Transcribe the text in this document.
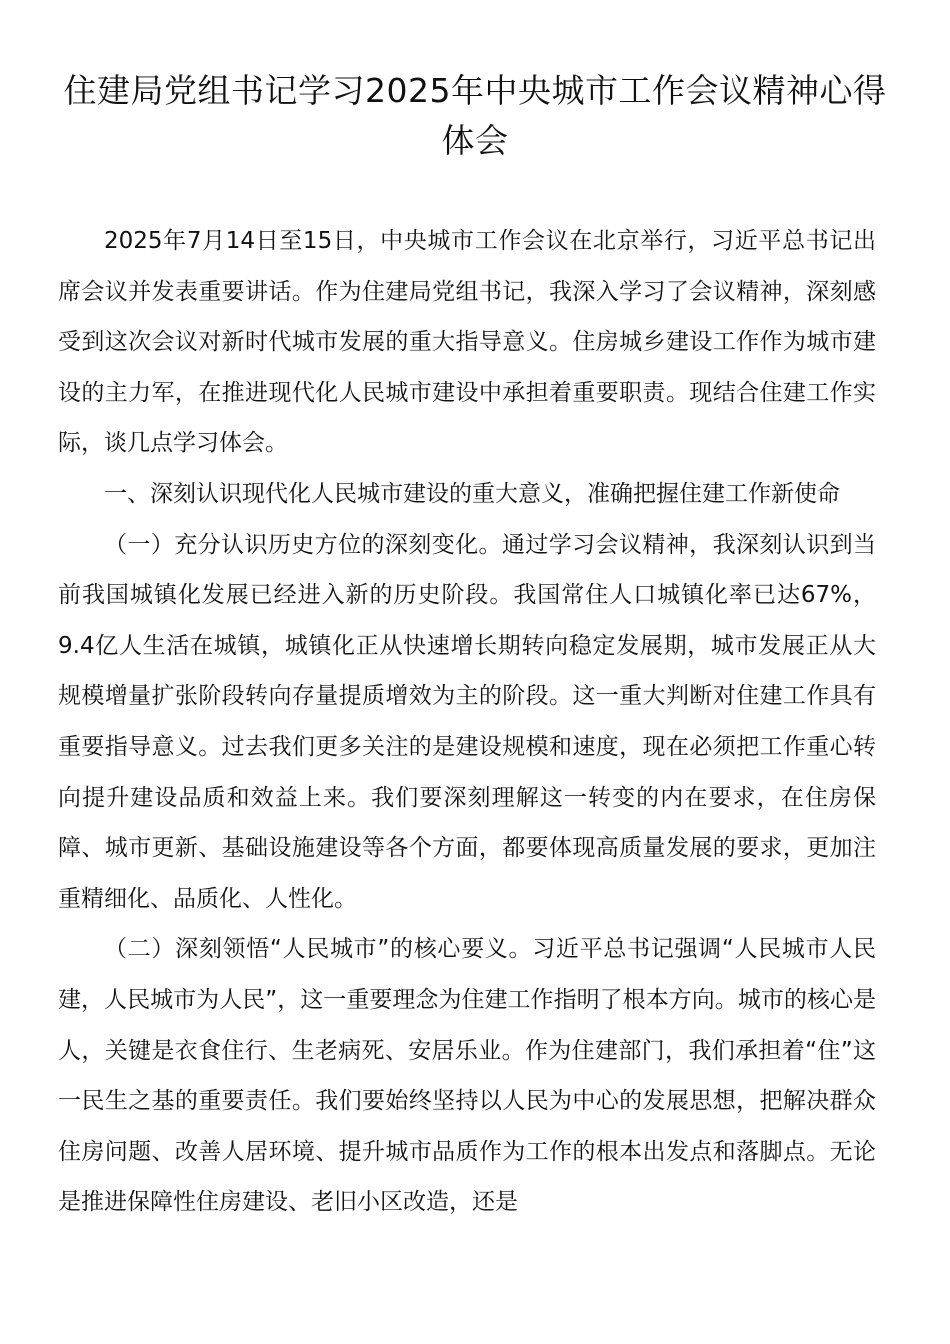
住建局党组书记学习2025年中央城市工作会议精神心得体会

2025年7月14日至15日，中央城市工作会议在北京举行，习近平总书记出席会议并发表重要讲话。作为住建局党组书记，我深入学习了会议精神，深刻感受到这次会议对新时代城市发展的重大指导意义。住房城乡建设工作作为城市建设的主力军，在推进现代化人民城市建设中承担着重要职责。现结合住建工作实际，谈几点学习体会。

一、深刻认识现代化人民城市建设的重大意义，准确把握住建工作新使命

（一）充分认识历史方位的深刻变化。通过学习会议精神，我深刻认识到当前我国城镇化发展已经进入新的历史阶段。我国常住人口城镇化率已达67%，9.4亿人生活在城镇，城镇化正从快速增长期转向稳定发展期，城市发展正从大规模增量扩张阶段转向存量提质增效为主的阶段。这一重大判断对住建工作具有重要指导意义。过去我们更多关注的是建设规模和速度，现在必须把工作重心转向提升建设品质和效益上来。我们要深刻理解这一转变的内在要求，在住房保障、城市更新、基础设施建设等各个方面，都要体现高质量发展的要求，更加注重精细化、品质化、人性化。

（二）深刻领悟“人民城市”的核心要义。习近平总书记强调“人民城市人民建，人民城市为人民”，这一重要理念为住建工作指明了根本方向。城市的核心是人，关键是衣食住行、生老病死、安居乐业。作为住建部门，我们承担着“住”这一民生之基的重要责任。我们要始终坚持以人民为中心的发展思想，把解决群众住房问题、改善人居环境、提升城市品质作为工作的根本出发点和落脚点。无论是推进保障性住房建设、老旧小区改造，还是
